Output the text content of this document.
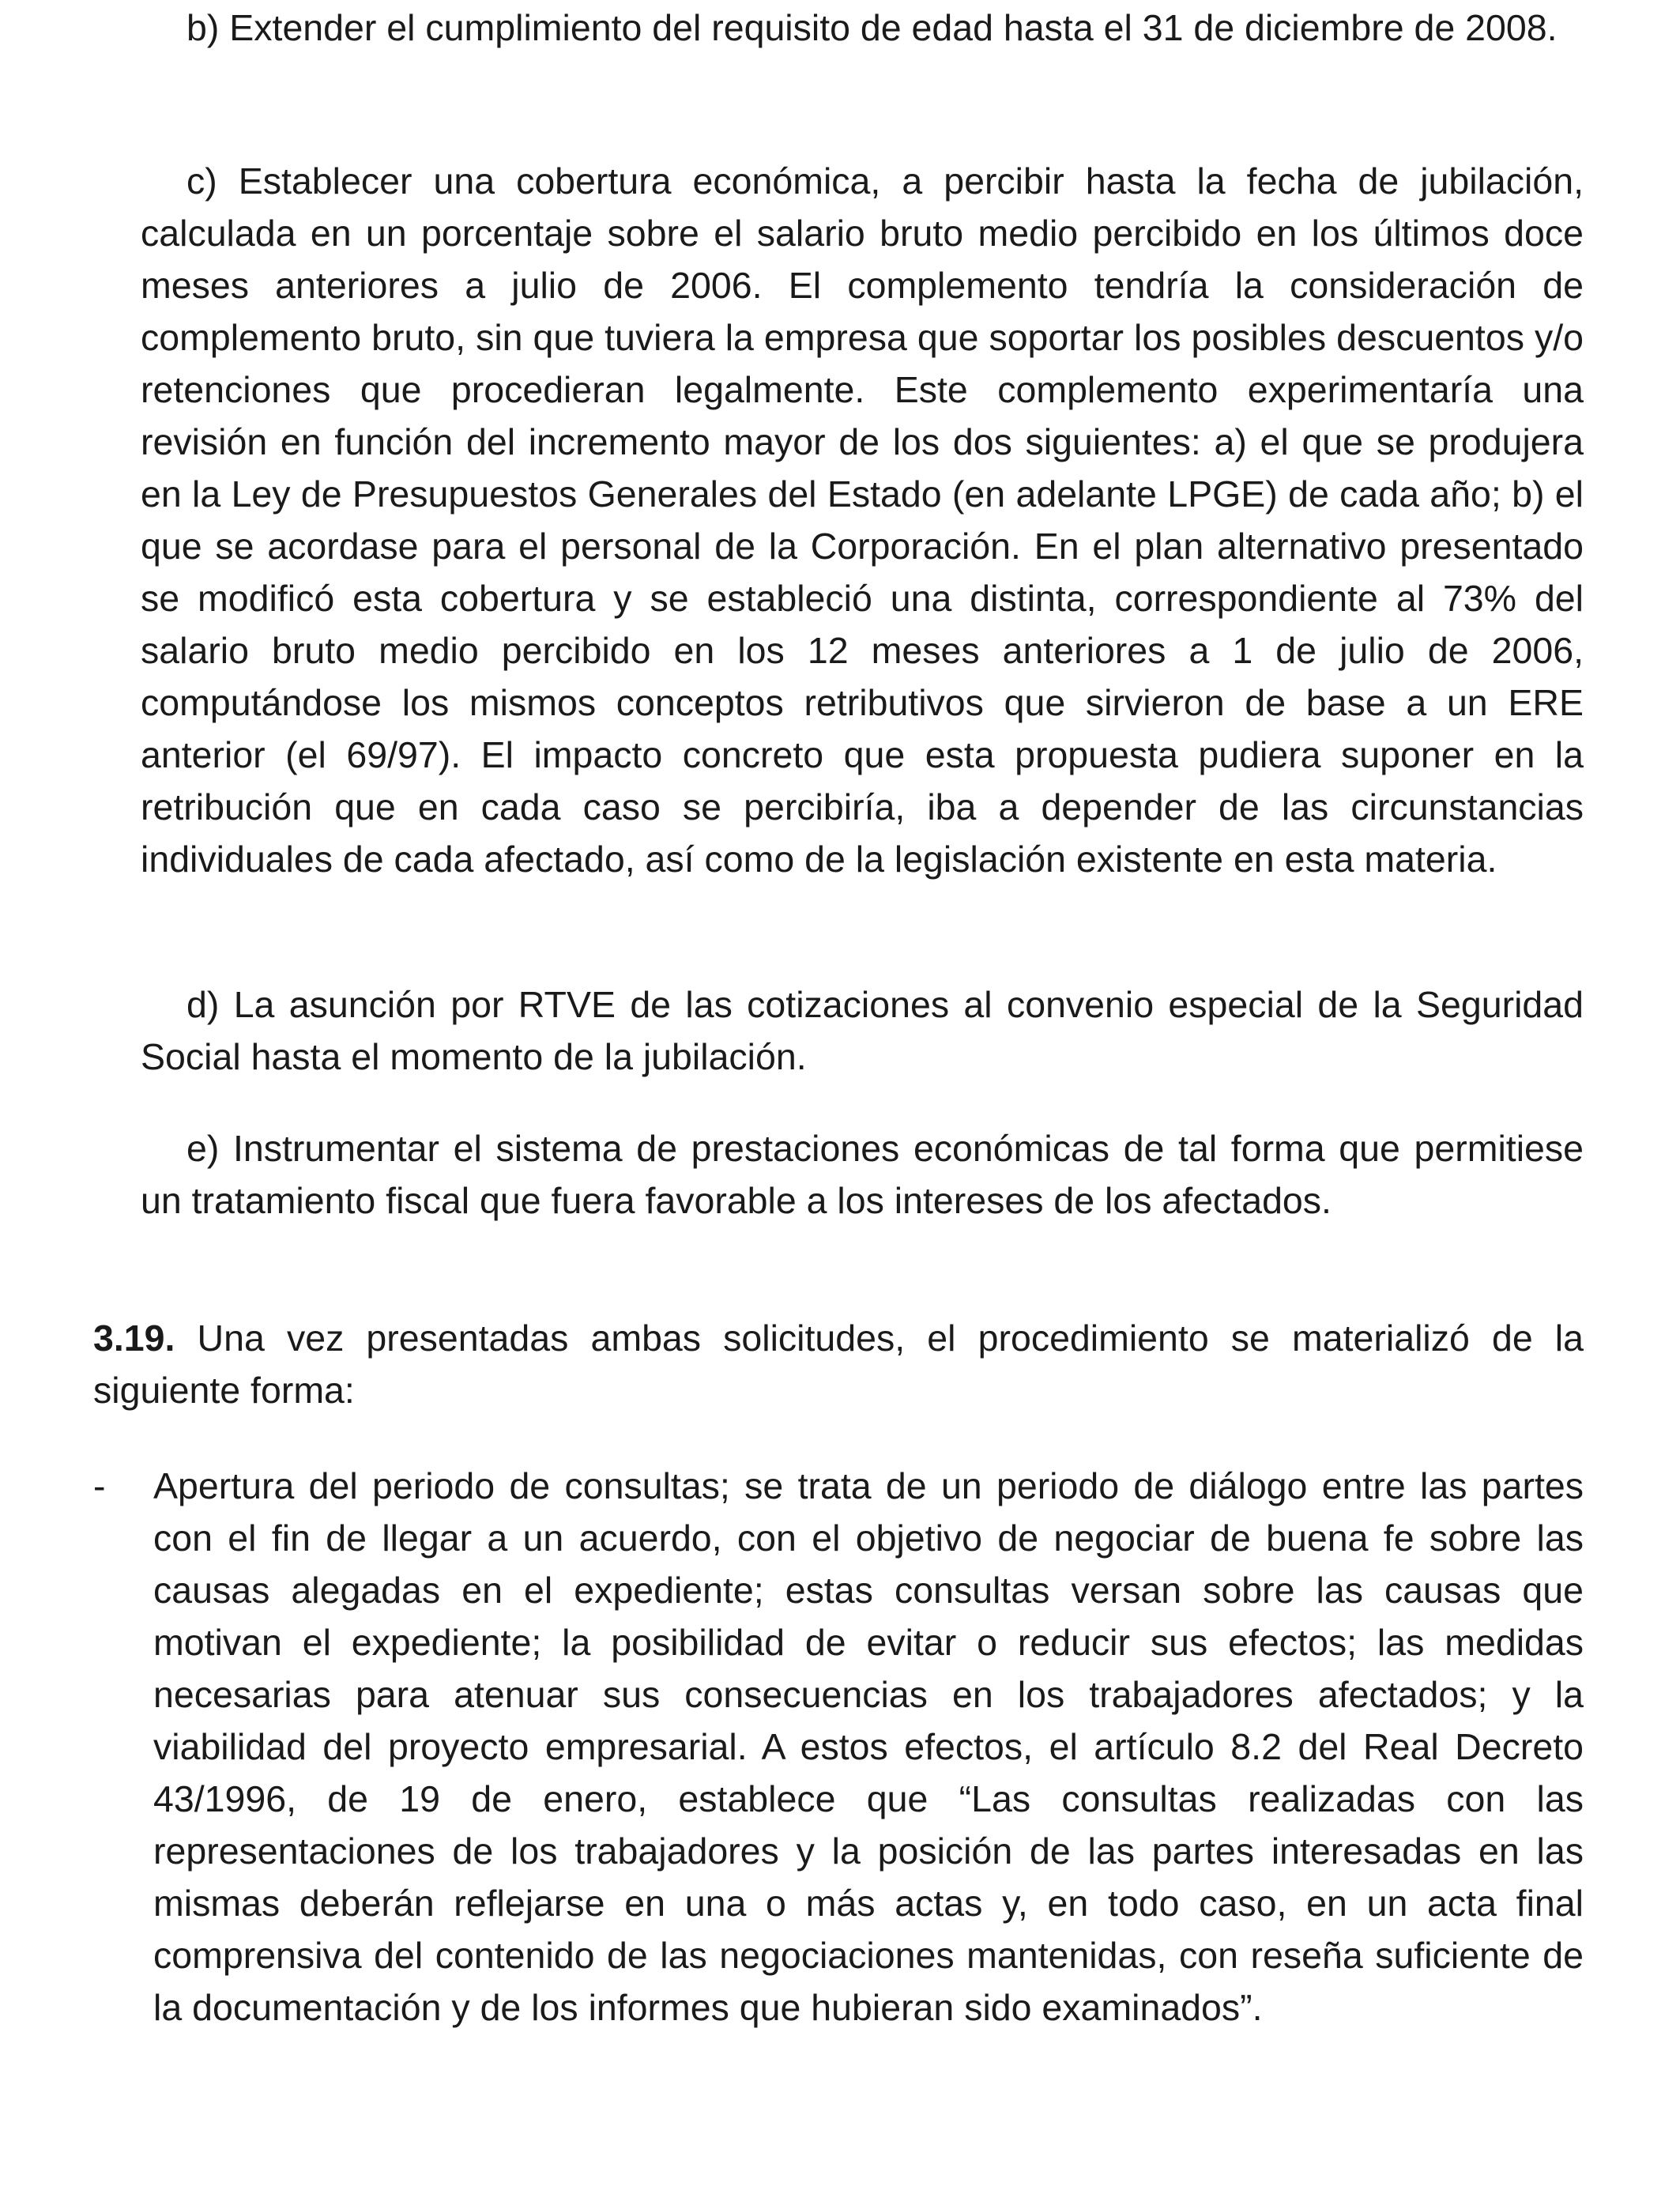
b) Extender el cumplimiento del requisito de edad hasta el 31 de diciembre de 2008.

c) Establecer una cobertura económica, a percibir hasta la fecha de jubilación, calculada en un porcentaje sobre el salario bruto medio percibido en los últimos doce meses anteriores a julio de 2006. El complemento tendría la consideración de complemento bruto, sin que tuviera la empresa que soportar los posibles descuentos y/o retenciones que procedieran legalmente. Este complemento experimentaría una revisión en función del incremento mayor de los dos siguientes: a) el que se produjera en la Ley de Presupuestos Generales del Estado (en adelante LPGE) de cada año; b) el que se acordase para el personal de la Corporación. En el plan alternativo presentado se modificó esta cobertura y se estableció una distinta, correspondiente al 73% del salario bruto medio percibido en los 12 meses anteriores a 1 de julio de 2006, computándose los mismos conceptos retributivos que sirvieron de base a un ERE anterior (el 69/97). El impacto concreto que esta propuesta pudiera suponer en la retribución que en cada caso se percibiría, iba a depender de las circunstancias individuales de cada afectado, así como de la legislación existente en esta materia.

d) La asunción por RTVE de las cotizaciones al convenio especial de la Seguridad Social hasta el momento de la jubilación.

e) Instrumentar el sistema de prestaciones económicas de tal forma que permitiese un tratamiento fiscal que fuera favorable a los intereses de los afectados.

3.19. Una vez presentadas ambas solicitudes, el procedimiento se materializó de la siguiente forma:

- Apertura del periodo de consultas; se trata de un periodo de diálogo entre las partes con el fin de llegar a un acuerdo, con el objetivo de negociar de buena fe sobre las causas alegadas en el expediente; estas consultas versan sobre las causas que motivan el expediente; la posibilidad de evitar o reducir sus efectos; las medidas necesarias para atenuar sus consecuencias en los trabajadores afectados; y la viabilidad del proyecto empresarial. A estos efectos, el artículo 8.2 del Real Decreto 43/1996, de 19 de enero, establece que “Las consultas realizadas con las representaciones de los trabajadores y la posición de las partes interesadas en las mismas deberán reflejarse en una o más actas y, en todo caso, en un acta final comprensiva del contenido de las negociaciones mantenidas, con reseña suficiente de la documentación y de los informes que hubieran sido examinados”.
